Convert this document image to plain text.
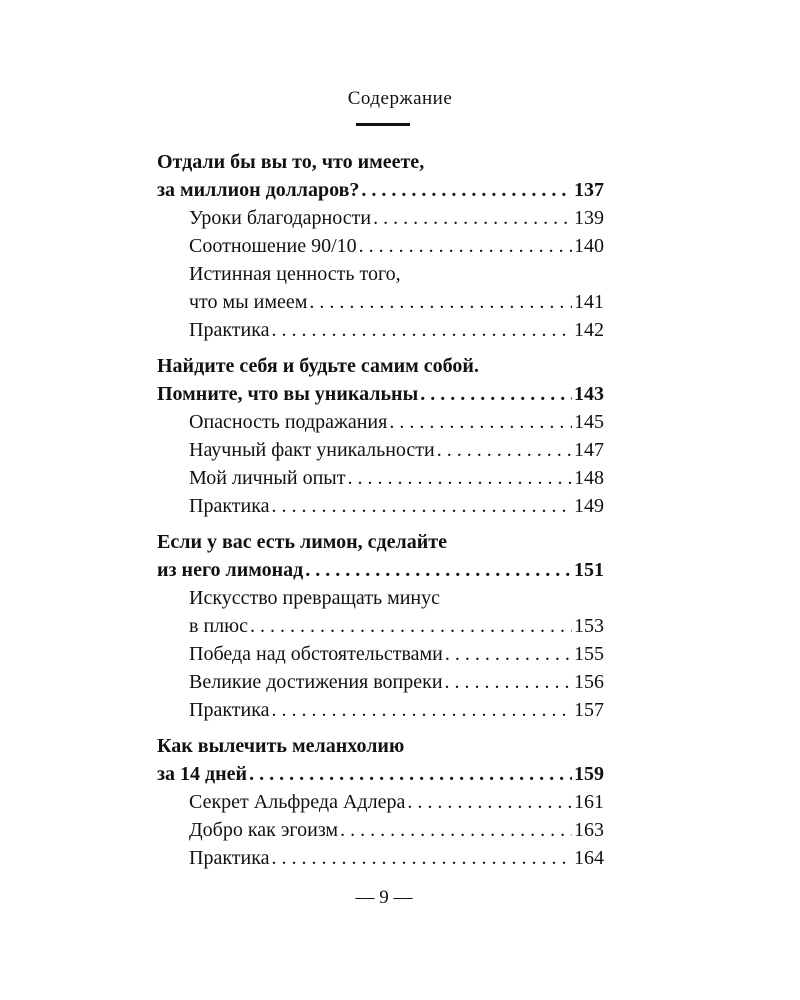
Содержание
Отдали бы вы то, что имеете,
за миллион долларов? . . .	137
Уроки благодарности . . .	139
Соотношение 90/10 . . .	140
Истинная ценность того,
что мы имеем . . .	141
Практика . . .	142
Найдите себя и будьте самим собой.
Помните, что вы уникальны . . .	143
Опасность подражания . . .	145
Научный факт уникальности . . .	147
Мой личный опыт . . .	148
Практика . . .	149
Если у вас есть лимон, сделайте
из него лимонад . . .	151
Искусство превращать минус
в плюс . . .	153
Победа над обстоятельствами . . .	155
Великие достижения вопреки . . .	156
Практика . . .	157
Как вылечить меланхолию
за 14 дней . . .	159
Секрет Альфреда Адлера . . .	161
Добро как эгоизм . . .	163
Практика . . .	164
— 9 —
